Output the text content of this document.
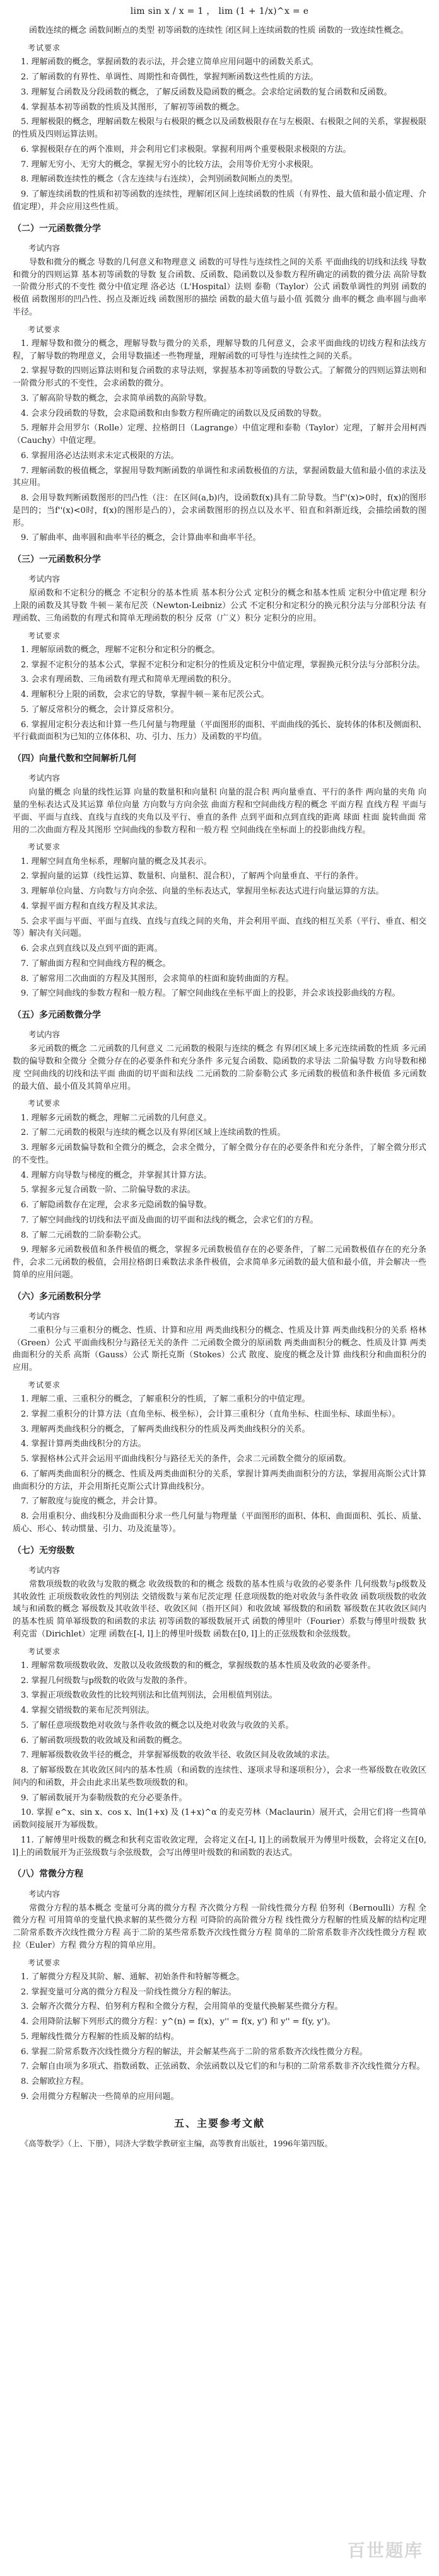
lim sin x / x = 1 ， lim (1 + 1/x)^x = e
函数连续的概念 函数间断点的类型 初等函数的连续性 闭区间上连续函数的性质 函数的一致连续性概念。
考试要求
1. 理解函数的概念，掌握函数的表示法，并会建立简单应用问题中的函数关系式。
2. 了解函数的有界性、单调性、周期性和奇偶性，掌握判断函数这些性质的方法。
3. 理解复合函数及分段函数的概念，了解反函数及隐函数的概念。会求给定函数的复合函数和反函数。
4. 掌握基本初等函数的性质及其图形，了解初等函数的概念。
5. 理解极限的概念，理解函数左极限与右极限的概念以及函数极限存在与左极限、右极限之间的关系，掌握极限的性质及四则运算法则。
6. 掌握极限存在的两个准则，并会利用它们求极限。掌握利用两个重要极限求极限的方法。
7. 理解无穷小、无穷大的概念，掌握无穷小的比较方法，会用等价无穷小求极限。
8. 理解函数连续性的概念（含左连续与右连续），会判别函数间断点的类型。
9. 了解连续函数的性质和初等函数的连续性，理解闭区间上连续函数的性质（有界性、最大值和最小值定理、介值定理），并会应用这些性质。
（二）一元函数微分学
考试内容
导数和微分的概念 导数的几何意义和物理意义 函数的可导性与连续性之间的关系 平面曲线的切线和法线 导数和微分的四则运算 基本初等函数的导数 复合函数、反函数、隐函数以及参数方程所确定的函数的微分法 高阶导数 一阶微分形式的不变性 微分中值定理 洛必达（L'Hospital）法则 泰勒（Taylor）公式 函数单调性的判别 函数的极值 函数图形的凹凸性、拐点及渐近线 函数图形的描绘 函数的最大值与最小值 弧微分 曲率的概念 曲率圆与曲率半径。
考试要求
1. 理解导数和微分的概念，理解导数与微分的关系，理解导数的几何意义，会求平面曲线的切线方程和法线方程，了解导数的物理意义，会用导数描述一些物理量，理解函数的可导性与连续性之间的关系。
2. 掌握导数的四则运算法则和复合函数的求导法则，掌握基本初等函数的导数公式。了解微分的四则运算法则和一阶微分形式的不变性，会求函数的微分。
3. 了解高阶导数的概念，会求简单函数的高阶导数。
4. 会求分段函数的导数，会求隐函数和由参数方程所确定的函数以及反函数的导数。
5. 理解并会用罗尔（Rolle）定理、拉格朗日（Lagrange）中值定理和泰勒（Taylor）定理，了解并会用柯西（Cauchy）中值定理。
6. 掌握用洛必达法则求未定式极限的方法。
7. 理解函数的极值概念，掌握用导数判断函数的单调性和求函数极值的方法，掌握函数最大值和最小值的求法及其应用。
8. 会用导数判断函数图形的凹凸性（注：在区间(a,b)内，设函数f(x)具有二阶导数。当f''(x)>0时，f(x)的图形是凹的；当f''(x)<0时，f(x)的图形是凸的），会求函数图形的拐点以及水平、铅直和斜渐近线，会描绘函数的图形。
9. 了解曲率、曲率圆和曲率半径的概念，会计算曲率和曲率半径。
（三）一元函数积分学
考试内容
原函数和不定积分的概念 不定积分的基本性质 基本积分公式 定积分的概念和基本性质 定积分中值定理 积分上限的函数及其导数 牛顿－莱布尼茨（Newton-Leibniz）公式 不定积分和定积分的换元积分法与分部积分法 有理函数、三角函数的有理式和简单无理函数的积分 反常（广义）积分 定积分的应用。
考试要求
1. 理解原函数的概念，理解不定积分和定积分的概念。
2. 掌握不定积分的基本公式，掌握不定积分和定积分的性质及定积分中值定理，掌握换元积分法与分部积分法。
3. 会求有理函数、三角函数有理式和简单无理函数的积分。
4. 理解积分上限的函数，会求它的导数，掌握牛顿－莱布尼茨公式。
5. 了解反常积分的概念，会计算反常积分。
6. 掌握用定积分表达和计算一些几何量与物理量（平面图形的面积、平面曲线的弧长、旋转体的体积及侧面积、平行截面面积为已知的立体体积、功、引力、压力）及函数的平均值。
（四）向量代数和空间解析几何
考试内容
向量的概念 向量的线性运算 向量的数量积和向量积 向量的混合积 两向量垂直、平行的条件 两向量的夹角 向量的坐标表达式及其运算 单位向量 方向数与方向余弦 曲面方程和空间曲线方程的概念 平面方程 直线方程 平面与平面、平面与直线、直线与直线的夹角以及平行、垂直的条件 点到平面和点到直线的距离 球面 柱面 旋转曲面 常用的二次曲面方程及其图形 空间曲线的参数方程和一般方程 空间曲线在坐标面上的投影曲线方程。
考试要求
1. 理解空间直角坐标系，理解向量的概念及其表示。
2. 掌握向量的运算（线性运算、数量积、向量积、混合积），了解两个向量垂直、平行的条件。
3. 理解单位向量、方向数与方向余弦、向量的坐标表达式，掌握用坐标表达式进行向量运算的方法。
4. 掌握平面方程和直线方程及其求法。
5. 会求平面与平面、平面与直线、直线与直线之间的夹角，并会利用平面、直线的相互关系（平行、垂直、相交等）解决有关问题。
6. 会求点到直线以及点到平面的距离。
7. 了解曲面方程和空间曲线方程的概念。
8. 了解常用二次曲面的方程及其图形，会求简单的柱面和旋转曲面的方程。
9. 了解空间曲线的参数方程和一般方程。了解空间曲线在坐标平面上的投影，并会求该投影曲线的方程。
（五）多元函数微分学
考试内容
多元函数的概念 二元函数的几何意义 二元函数的极限与连续的概念 有界闭区域上多元连续函数的性质 多元函数的偏导数和全微分 全微分存在的必要条件和充分条件 多元复合函数、隐函数的求导法 二阶偏导数 方向导数和梯度 空间曲线的切线和法平面 曲面的切平面和法线 二元函数的二阶泰勒公式 多元函数的极值和条件极值 多元函数的最大值、最小值及其简单应用。
考试要求
1. 理解多元函数的概念，理解二元函数的几何意义。
2. 了解二元函数的极限与连续的概念以及有界闭区域上连续函数的性质。
3. 理解多元函数偏导数和全微分的概念，会求全微分，了解全微分存在的必要条件和充分条件，了解全微分形式的不变性。
4. 理解方向导数与梯度的概念，并掌握其计算方法。
5. 掌握多元复合函数一阶、二阶偏导数的求法。
6. 了解隐函数存在定理，会求多元隐函数的偏导数。
7. 了解空间曲线的切线和法平面及曲面的切平面和法线的概念，会求它们的方程。
8. 了解二元函数的二阶泰勒公式。
9. 理解多元函数极值和条件极值的概念，掌握多元函数极值存在的必要条件，了解二元函数极值存在的充分条件，会求二元函数的极值，会用拉格朗日乘数法求条件极值，会求简单多元函数的最大值和最小值，并会解决一些简单的应用问题。
（六）多元函数积分学
考试内容
二重积分与三重积分的概念、性质、计算和应用 两类曲线积分的概念、性质及计算 两类曲线积分的关系 格林（Green）公式 平面曲线积分与路径无关的条件 二元函数全微分的原函数 两类曲面积分的概念、性质及计算 两类曲面积分的关系 高斯（Gauss）公式 斯托克斯（Stokes）公式 散度、旋度的概念及计算 曲线积分和曲面积分的应用。
考试要求
1. 理解二重、三重积分的概念，了解重积分的性质，了解二重积分的中值定理。
2. 掌握二重积分的计算方法（直角坐标、极坐标），会计算三重积分（直角坐标、柱面坐标、球面坐标）。
3. 理解两类曲线积分的概念，了解两类曲线积分的性质及两类曲线积分的关系。
4. 掌握计算两类曲线积分的方法。
5. 掌握格林公式并会运用平面曲线积分与路径无关的条件，会求二元函数全微分的原函数。
6. 了解两类曲面积分的概念、性质及两类曲面积分的关系，掌握计算两类曲面积分的方法，掌握用高斯公式计算曲面积分的方法，并会用斯托克斯公式计算曲线积分。
7. 了解散度与旋度的概念，并会计算。
8. 会用重积分、曲线积分及曲面积分求一些几何量与物理量（平面图形的面积、体积、曲面面积、弧长、质量、质心、形心、转动惯量、引力、功及流量等）。
（七）无穷级数
考试内容
常数项级数的收敛与发散的概念 收敛级数的和的概念 级数的基本性质与收敛的必要条件 几何级数与p级数及其收敛性 正项级数收敛性的判别法 交错级数与莱布尼茨定理 任意项级数的绝对收敛与条件收敛 函数项级数的收敛域与和函数的概念 幂级数及其收敛半径、收敛区间（指开区间）和收敛域 幂级数的和函数 幂级数在其收敛区间内的基本性质 简单幂级数的和函数的求法 初等函数的幂级数展开式 函数的傅里叶（Fourier）系数与傅里叶级数 狄利克雷（Dirichlet）定理 函数在[-l, l]上的傅里叶级数 函数在[0, l]上的正弦级数和余弦级数。
考试要求
1. 理解常数项级数收敛、发散以及收敛级数的和的概念，掌握级数的基本性质及收敛的必要条件。
2. 掌握几何级数与p级数的收敛与发散的条件。
3. 掌握正项级数收敛性的比较判别法和比值判别法，会用根值判别法。
4. 掌握交错级数的莱布尼茨判别法。
5. 了解任意项级数绝对收敛与条件收敛的概念以及绝对收敛与收敛的关系。
6. 了解函数项级数的收敛域及和函数的概念。
7. 理解幂级数收敛半径的概念，并掌握幂级数的收敛半径、收敛区间及收敛域的求法。
8. 了解幂级数在其收敛区间内的基本性质（和函数的连续性、逐项求导和逐项积分），会求一些幂级数在收敛区间内的和函数，并会由此求出某些数项级数的和。
9. 了解函数展开为泰勒级数的充分必要条件。
10. 掌握 e^x、sin x、cos x、ln(1+x) 及 (1+x)^α 的麦克劳林（Maclaurin）展开式，会用它们将一些简单函数间接展开为幂级数。
11. 了解傅里叶级数的概念和狄利克雷收敛定理，会将定义在[-l, l]上的函数展开为傅里叶级数，会将定义在[0, l]上的函数展开为正弦级数与余弦级数，会写出傅里叶级数的和函数的表达式。
（八）常微分方程
考试内容
常微分方程的基本概念 变量可分离的微分方程 齐次微分方程 一阶线性微分方程 伯努利（Bernoulli）方程 全微分方程 可用简单的变量代换求解的某些微分方程 可降阶的高阶微分方程 线性微分方程解的性质及解的结构定理 二阶常系数齐次线性微分方程 高于二阶的某些常系数齐次线性微分方程 简单的二阶常系数非齐次线性微分方程 欧拉（Euler）方程 微分方程的简单应用。
考试要求
1. 了解微分方程及其阶、解、通解、初始条件和特解等概念。
2. 掌握变量可分离的微分方程及一阶线性微分方程的解法。
3. 会解齐次微分方程、伯努利方程和全微分方程，会用简单的变量代换解某些微分方程。
4. 会用降阶法解下列形式的微分方程：y^(n) = f(x)，y'' = f(x, y') 和 y'' = f(y, y')。
5. 理解线性微分方程解的性质及解的结构。
6. 掌握二阶常系数齐次线性微分方程的解法，并会解某些高于二阶的常系数齐次线性微分方程。
7. 会解自由项为多项式、指数函数、正弦函数、余弦函数以及它们的和与积的二阶常系数非齐次线性微分方程。
8. 会解欧拉方程。
9. 会用微分方程解决一些简单的应用问题。
五、主要参考文献
《高等数学》（上、下册），同济大学数学教研室主编，高等教育出版社，1996年第四版。
百世题库
